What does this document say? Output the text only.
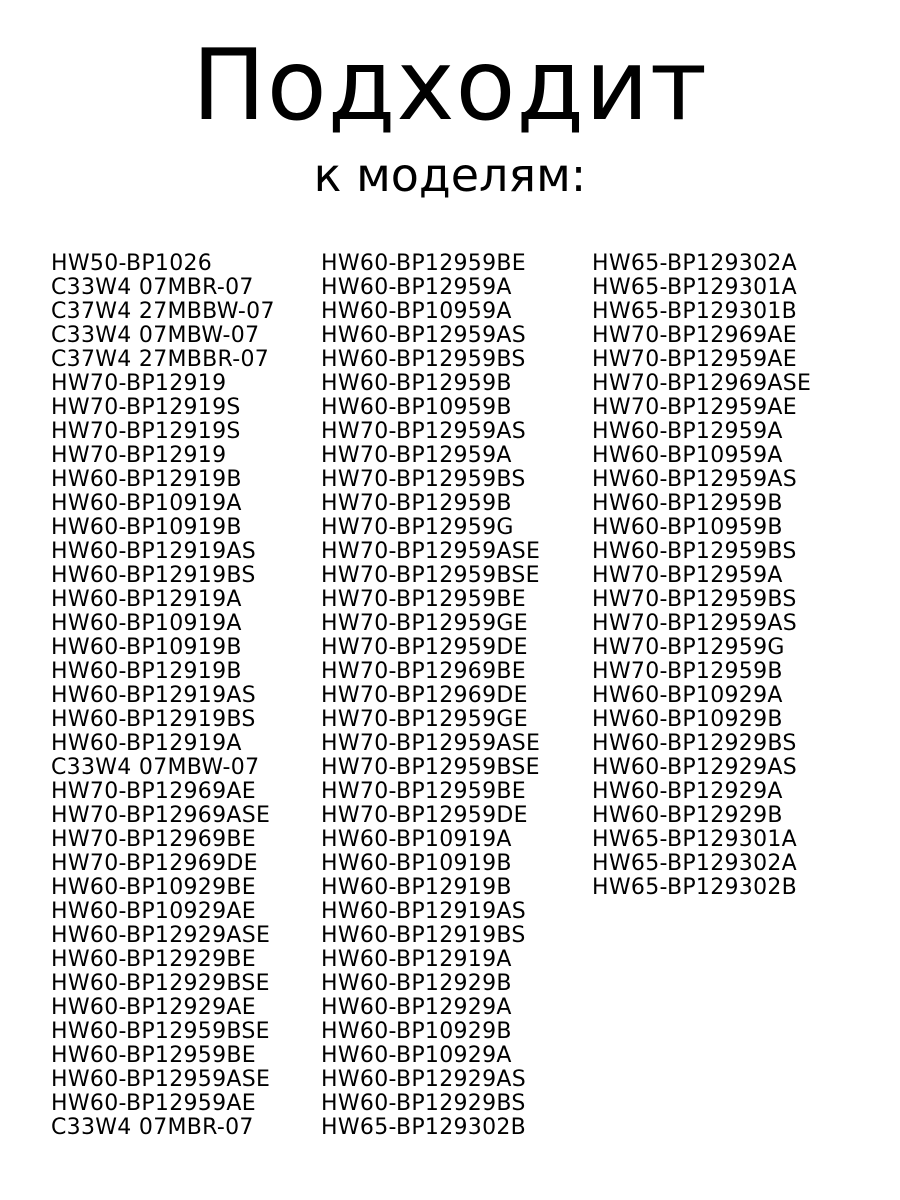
Подходит
к моделям:
HW50-BP1026
C33W4 07MBR-07
C37W4 27MBBW-07
C33W4 07MBW-07
C37W4 27MBBR-07
HW70-BP12919
HW70-BP12919S
HW70-BP12919S
HW70-BP12919
HW60-BP12919B
HW60-BP10919A
HW60-BP10919B
HW60-BP12919AS
HW60-BP12919BS
HW60-BP12919A
HW60-BP10919A
HW60-BP10919B
HW60-BP12919B
HW60-BP12919AS
HW60-BP12919BS
HW60-BP12919A
C33W4 07MBW-07
HW70-BP12969AE
HW70-BP12969ASE
HW70-BP12969BE
HW70-BP12969DE
HW60-BP10929BE
HW60-BP10929AE
HW60-BP12929ASE
HW60-BP12929BE
HW60-BP12929BSE
HW60-BP12929AE
HW60-BP12959BSE
HW60-BP12959BE
HW60-BP12959ASE
HW60-BP12959AE
C33W4 07MBR-07
HW60-BP12959BE
HW60-BP12959A
HW60-BP10959A
HW60-BP12959AS
HW60-BP12959BS
HW60-BP12959B
HW60-BP10959B
HW70-BP12959AS
HW70-BP12959A
HW70-BP12959BS
HW70-BP12959B
HW70-BP12959G
HW70-BP12959ASE
HW70-BP12959BSE
HW70-BP12959BE
HW70-BP12959GE
HW70-BP12959DE
HW70-BP12969BE
HW70-BP12969DE
HW70-BP12959GE
HW70-BP12959ASE
HW70-BP12959BSE
HW70-BP12959BE
HW70-BP12959DE
HW60-BP10919A
HW60-BP10919B
HW60-BP12919B
HW60-BP12919AS
HW60-BP12919BS
HW60-BP12919A
HW60-BP12929B
HW60-BP12929A
HW60-BP10929B
HW60-BP10929A
HW60-BP12929AS
HW60-BP12929BS
HW65-BP129302B
HW65-BP129302A
HW65-BP129301A
HW65-BP129301B
HW70-BP12969AE
HW70-BP12959AE
HW70-BP12969ASE
HW70-BP12959AE
HW60-BP12959A
HW60-BP10959A
HW60-BP12959AS
HW60-BP12959B
HW60-BP10959B
HW60-BP12959BS
HW70-BP12959A
HW70-BP12959BS
HW70-BP12959AS
HW70-BP12959G
HW70-BP12959B
HW60-BP10929A
HW60-BP10929B
HW60-BP12929BS
HW60-BP12929AS
HW60-BP12929A
HW60-BP12929B
HW65-BP129301A
HW65-BP129302A
HW65-BP129302B
